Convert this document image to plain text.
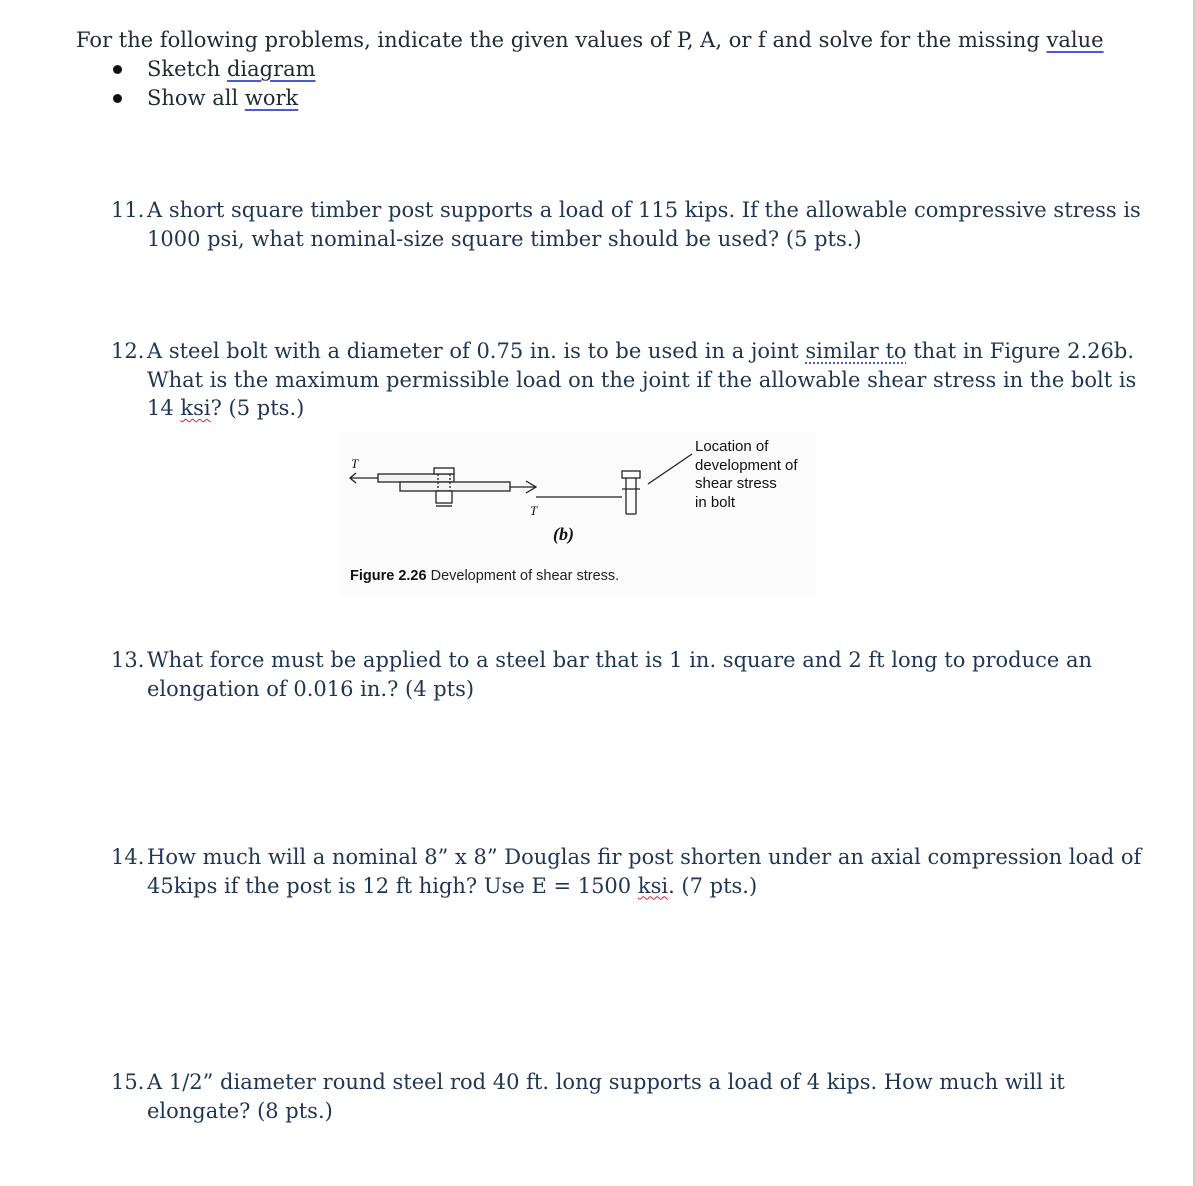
For the following problems, indicate the given values of P, A, or f and solve for the missing value
Sketch diagram
Show all work
11. A short square timber post supports a load of 115 kips. If the allowable compressive stress is
1000 psi, what nominal-size square timber should be used? (5 pts.)
12. A steel bolt with a diameter of 0.75 in. is to be used in a joint similar to that in Figure 2.26b.
What is the maximum permissible load on the joint if the allowable shear stress in the bolt is
14 ksi? (5 pts.)
T
T
Location of
development of
shear stress
in bolt
(b)
Figure 2.26 Development of shear stress.
13. What force must be applied to a steel bar that is 1 in. square and 2 ft long to produce an
elongation of 0.016 in.? (4 pts)
14. How much will a nominal 8” x 8” Douglas fir post shorten under an axial compression load of
45kips if the post is 12 ft high? Use E = 1500 ksi. (7 pts.)
15. A 1/2” diameter round steel rod 40 ft. long supports a load of 4 kips. How much will it
elongate? (8 pts.)
